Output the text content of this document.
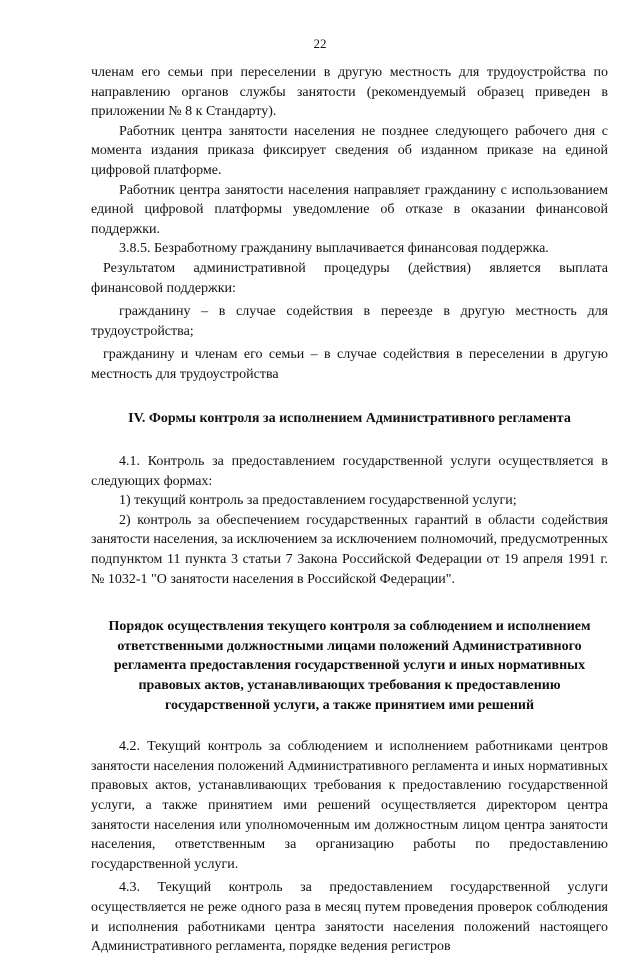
22

членам его семьи при переселении в другую местность для трудоустройства по направлению органов службы занятости (рекомендуемый образец приведен в приложении № 8 к Стандарту).

Работник центра занятости населения не позднее следующего рабочего дня с момента издания приказа фиксирует сведения об изданном приказе на единой цифровой платформе.

Работник центра занятости населения направляет гражданину с использованием единой цифровой платформы уведомление об отказе в оказании финансовой поддержки.

3.8.5. Безработному гражданину выплачивается финансовая поддержка.

Результатом административной процедуры (действия) является выплата финансовой поддержки:

гражданину – в случае содействия в переезде в другую местность для трудоустройства;

гражданину и членам его семьи – в случае содействия в переселении в другую местность для трудоустройства

IV. Формы контроля за исполнением Административного регламента

4.1. Контроль за предоставлением государственной услуги осуществляется в следующих формах:

1) текущий контроль за предоставлением государственной услуги;

2) контроль за обеспечением государственных гарантий в области содействия занятости населения, за исключением за исключением полномочий, предусмотренных подпунктом 11 пункта 3 статьи 7 Закона Российской Федерации от 19 апреля 1991 г. № 1032-1 "О занятости населения в Российской Федерации".

Порядок осуществления текущего контроля за соблюдением и исполнением ответственными должностными лицами положений Административного регламента предоставления государственной услуги и иных нормативных правовых актов, устанавливающих требования к предоставлению государственной услуги, а также принятием ими решений

4.2. Текущий контроль за соблюдением и исполнением работниками центров занятости населения положений Административного регламента и иных нормативных правовых актов, устанавливающих требования к предоставлению государственной услуги, а также принятием ими решений осуществляется директором центра занятости населения или уполномоченным им должностным лицом центра занятости населения, ответственным за организацию работы по предоставлению государственной услуги.

4.3. Текущий контроль за предоставлением государственной услуги осуществляется не реже одного раза в месяц путем проведения проверок соблюдения и исполнения работниками центра занятости населения положений настоящего Административного регламента, порядке ведения регистров
